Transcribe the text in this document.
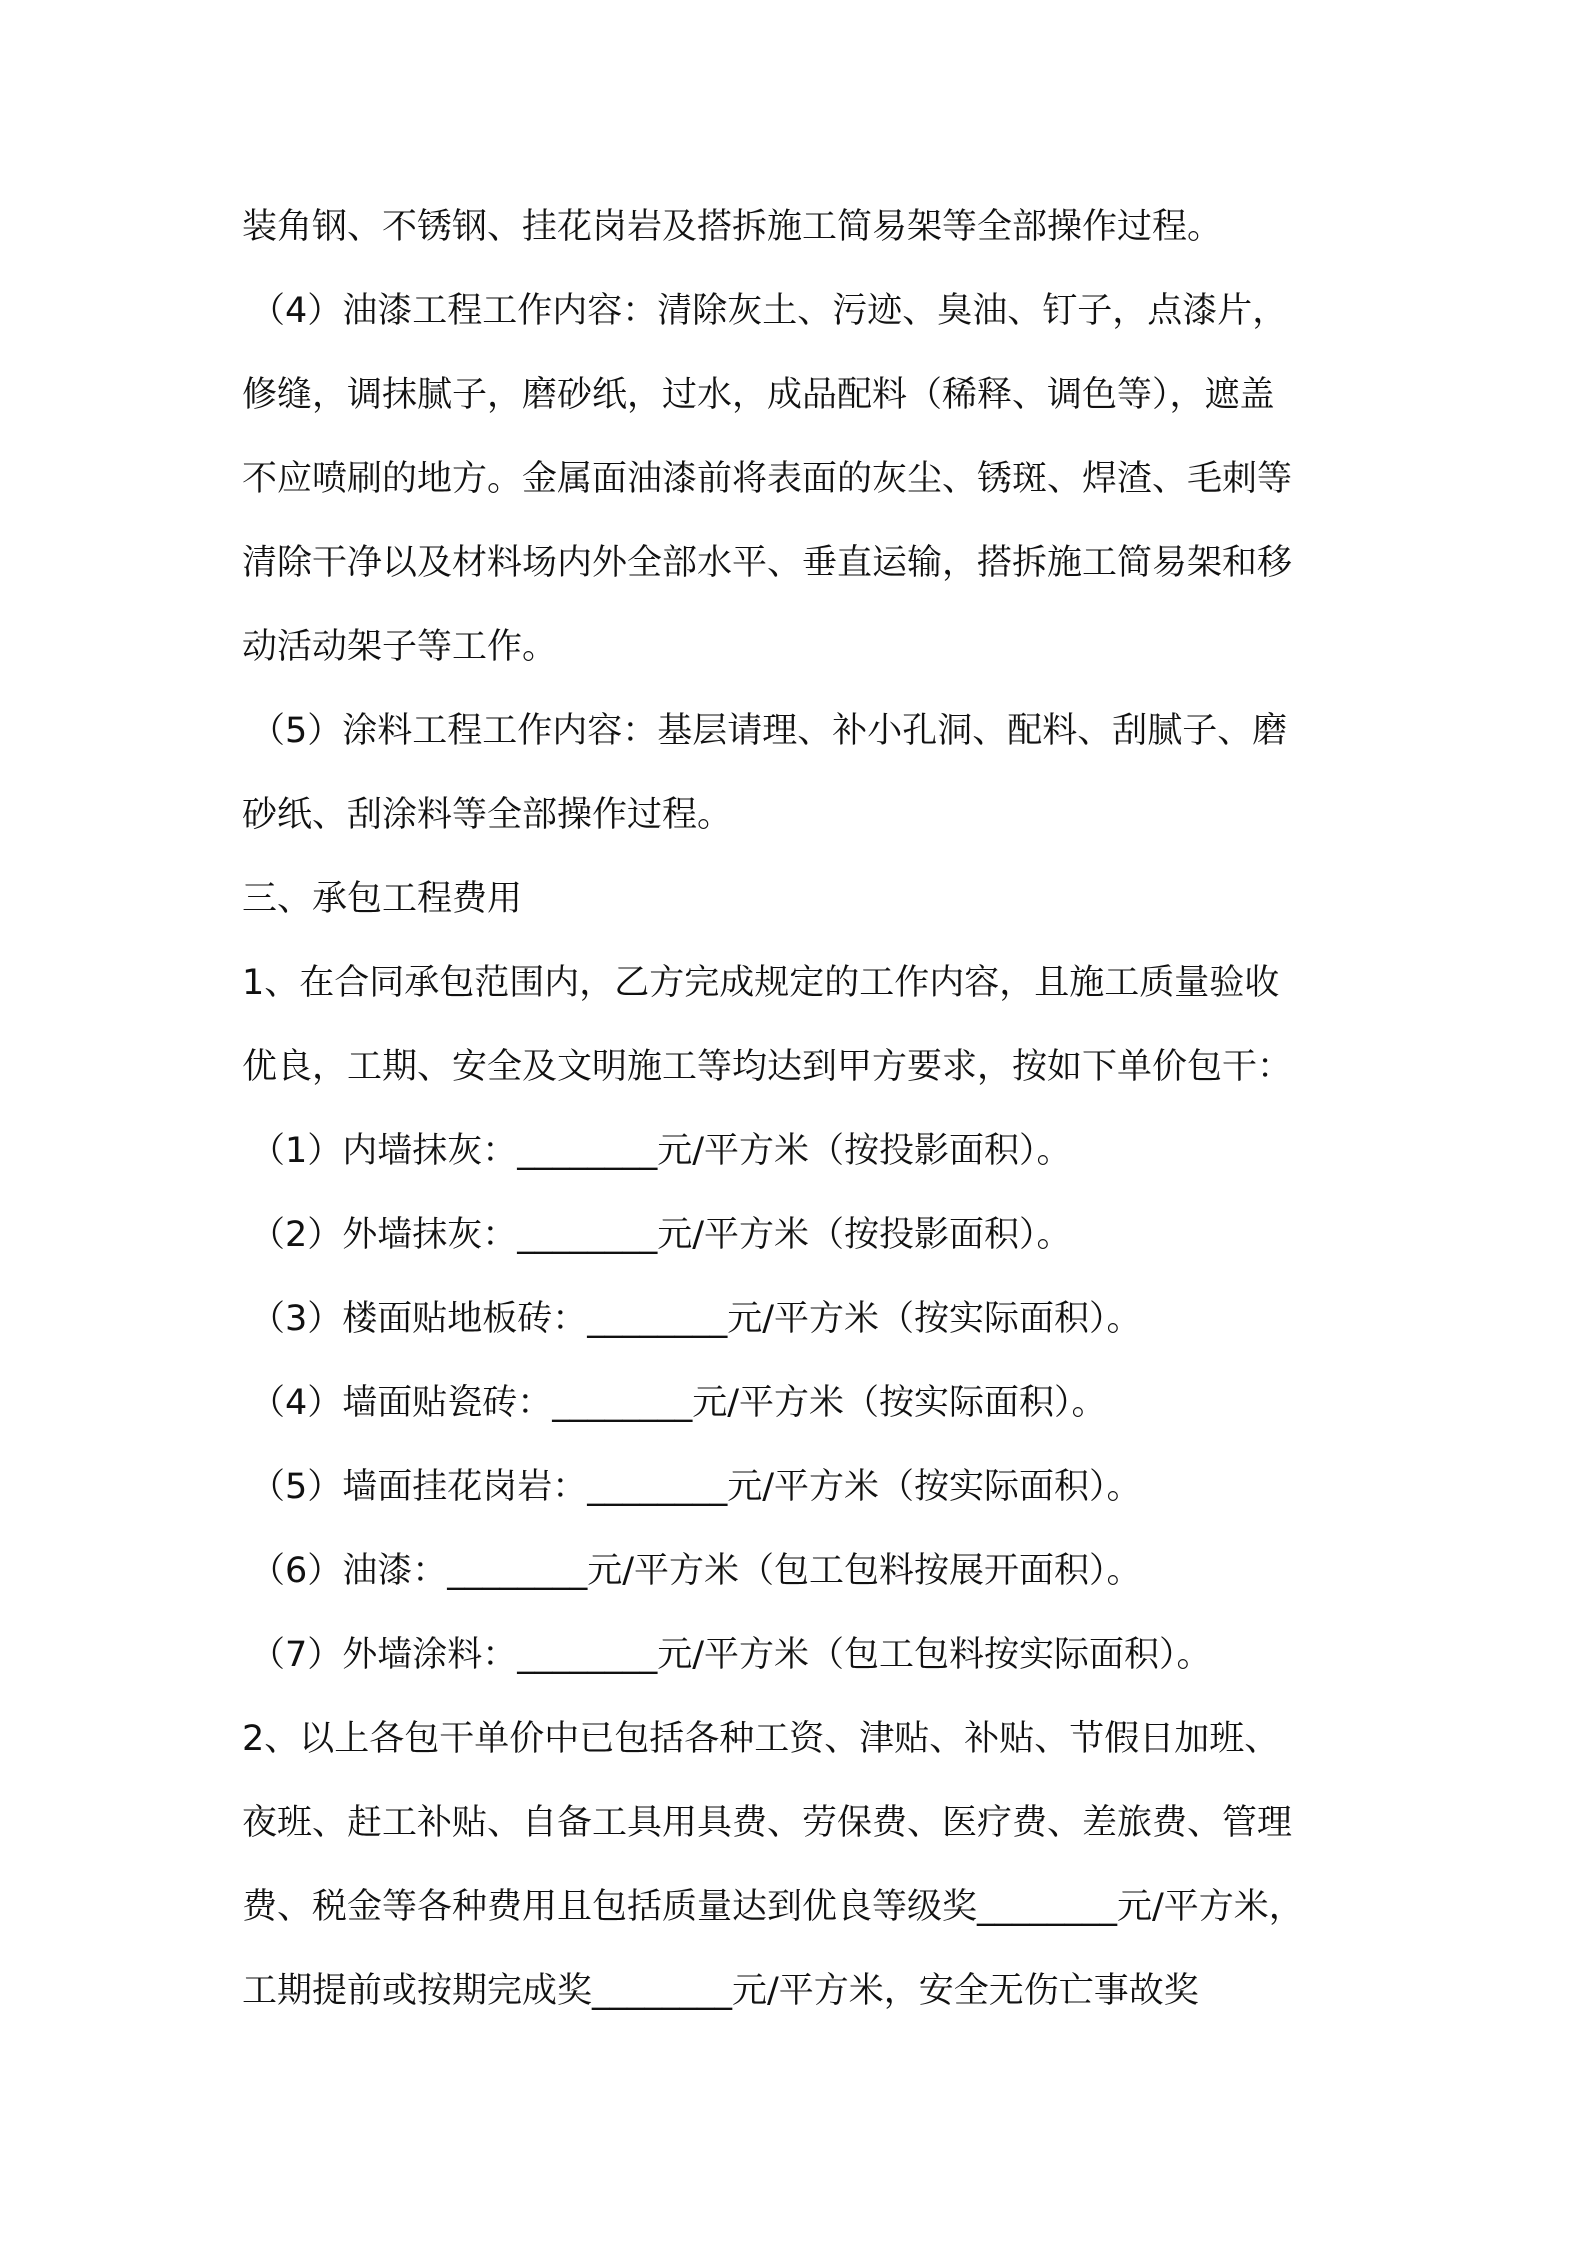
装角钢、不锈钢、挂花岗岩及搭拆施工简易架等全部操作过程。
（4）油漆工程工作内容：清除灰土、污迹、臭油、钉子，点漆片，
修缝，调抹腻子，磨砂纸，过水，成品配料（稀释、调色等），遮盖
不应喷刷的地方。金属面油漆前将表面的灰尘、锈斑、焊渣、毛刺等
清除干净以及材料场内外全部水平、垂直运输，搭拆施工简易架和移
动活动架子等工作。
（5）涂料工程工作内容：基层请理、补小孔洞、配料、刮腻子、磨
砂纸、刮涂料等全部操作过程。
三、承包工程费用
1、在合同承包范围内，乙方完成规定的工作内容，且施工质量验收
优良，工期、安全及文明施工等均达到甲方要求，按如下单价包干：
（1）内墙抹灰：________元/平方米（按投影面积）。
（2）外墙抹灰：________元/平方米（按投影面积）。
（3）楼面贴地板砖：________元/平方米（按实际面积）。
（4）墙面贴瓷砖：________元/平方米（按实际面积）。
（5）墙面挂花岗岩：________元/平方米（按实际面积）。
（6）油漆：________元/平方米（包工包料按展开面积）。
（7）外墙涂料：________元/平方米（包工包料按实际面积）。
2、以上各包干单价中已包括各种工资、津贴、补贴、节假日加班、
夜班、赶工补贴、自备工具用具费、劳保费、医疗费、差旅费、管理
费、税金等各种费用且包括质量达到优良等级奖________元/平方米，
工期提前或按期完成奖________元/平方米，安全无伤亡事故奖
